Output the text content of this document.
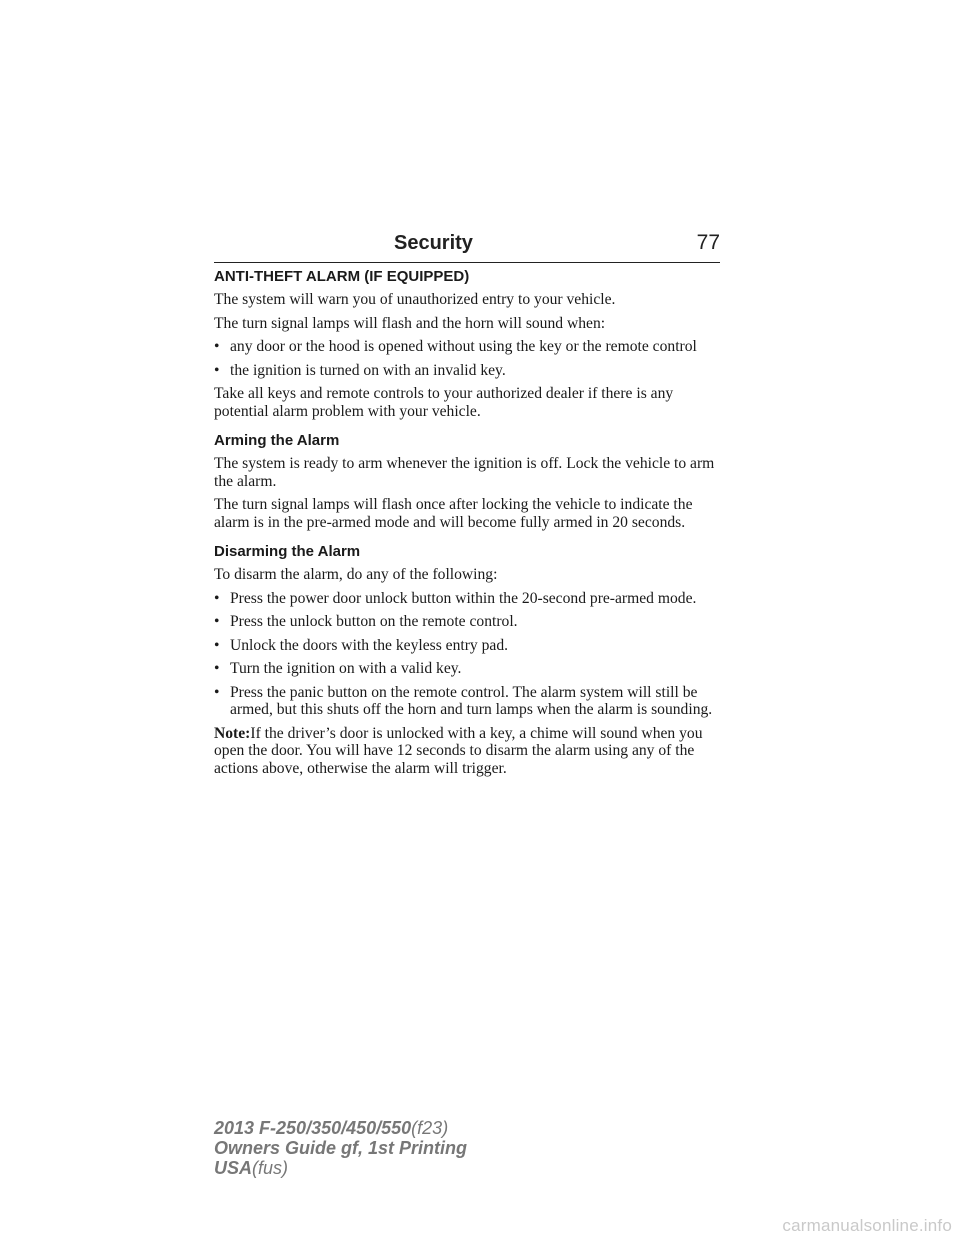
Security	77
ANTI-THEFT ALARM (IF EQUIPPED)

The system will warn you of unauthorized entry to your vehicle.

The turn signal lamps will flash and the horn will sound when:

• any door or the hood is opened without using the key or the remote control
• the ignition is turned on with an invalid key.

Take all keys and remote controls to your authorized dealer if there is any potential alarm problem with your vehicle.

Arming the Alarm

The system is ready to arm whenever the ignition is off. Lock the vehicle to arm the alarm.

The turn signal lamps will flash once after locking the vehicle to indicate the alarm is in the pre-armed mode and will become fully armed in 20 seconds.

Disarming the Alarm

To disarm the alarm, do any of the following:

• Press the power door unlock button within the 20-second pre-armed mode.
• Press the unlock button on the remote control.
• Unlock the doors with the keyless entry pad.
• Turn the ignition on with a valid key.
• Press the panic button on the remote control. The alarm system will still be armed, but this shuts off the horn and turn lamps when the alarm is sounding.

Note:If the driver’s door is unlocked with a key, a chime will sound when you open the door. You will have 12 seconds to disarm the alarm using any of the actions above, otherwise the alarm will trigger.

2013 F-250/350/450/550(f23)
Owners Guide gf, 1st Printing
USA(fus)
carmanualsonline.info
